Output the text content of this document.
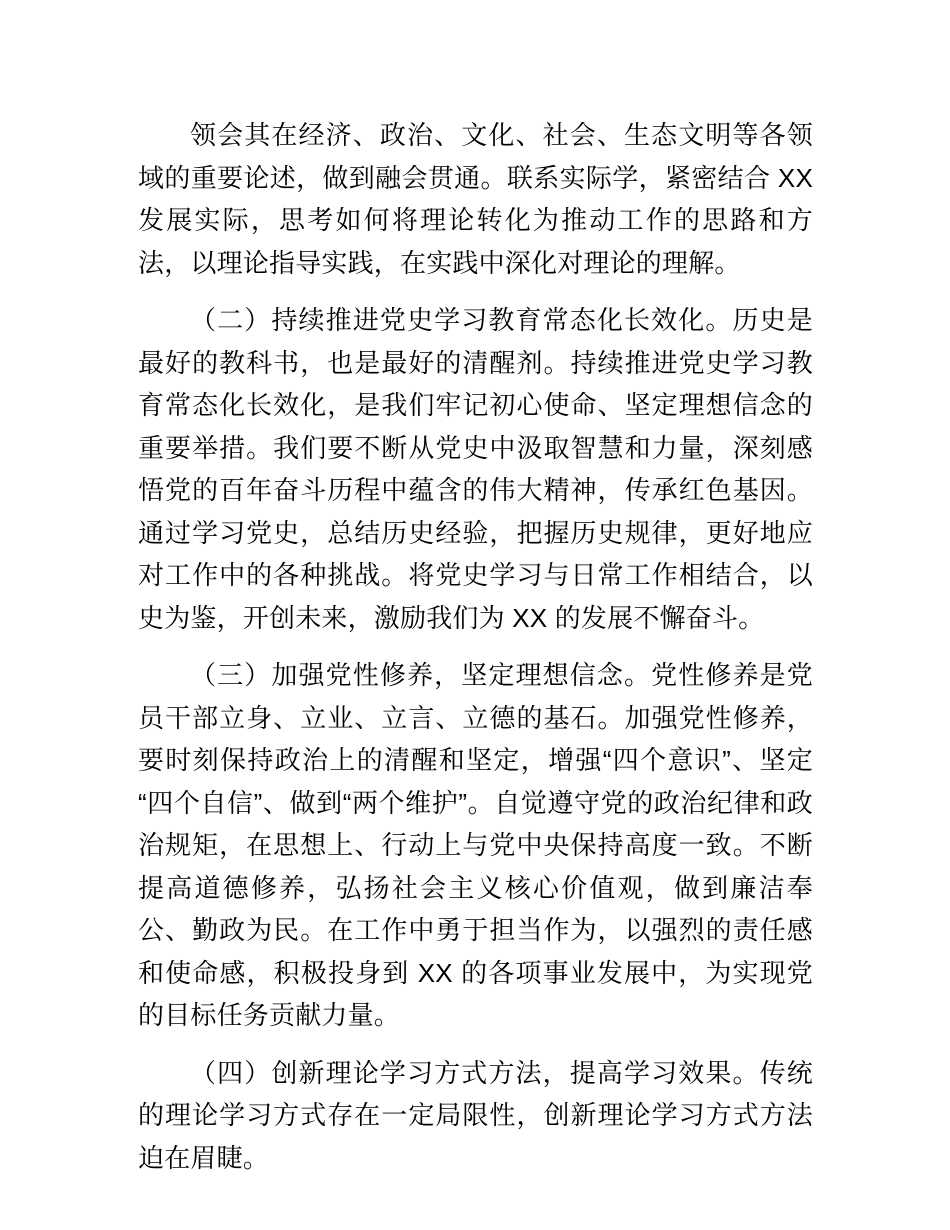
领会其在经济、政治、文化、社会、生态文明等各领域的重要论述，做到融会贯通。联系实际学，紧密结合 XX 发展实际，思考如何将理论转化为推动工作的思路和方法，以理论指导实践，在实践中深化对理论的理解。

（二）持续推进党史学习教育常态化长效化。历史是最好的教科书，也是最好的清醒剂。持续推进党史学习教育常态化长效化，是我们牢记初心使命、坚定理想信念的重要举措。我们要不断从党史中汲取智慧和力量，深刻感悟党的百年奋斗历程中蕴含的伟大精神，传承红色基因。通过学习党史，总结历史经验，把握历史规律，更好地应对工作中的各种挑战。将党史学习与日常工作相结合，以史为鉴，开创未来，激励我们为 XX 的发展不懈奋斗。

（三）加强党性修养，坚定理想信念。党性修养是党员干部立身、立业、立言、立德的基石。加强党性修养，要时刻保持政治上的清醒和坚定，增强“四个意识”、坚定“四个自信”、做到“两个维护”。自觉遵守党的政治纪律和政治规矩，在思想上、行动上与党中央保持高度一致。不断提高道德修养，弘扬社会主义核心价值观，做到廉洁奉公、勤政为民。在工作中勇于担当作为，以强烈的责任感和使命感，积极投身到 XX 的各项事业发展中，为实现党的目标任务贡献力量。

（四）创新理论学习方式方法，提高学习效果。传统的理论学习方式存在一定局限性，创新理论学习方式方法迫在眉睫。
